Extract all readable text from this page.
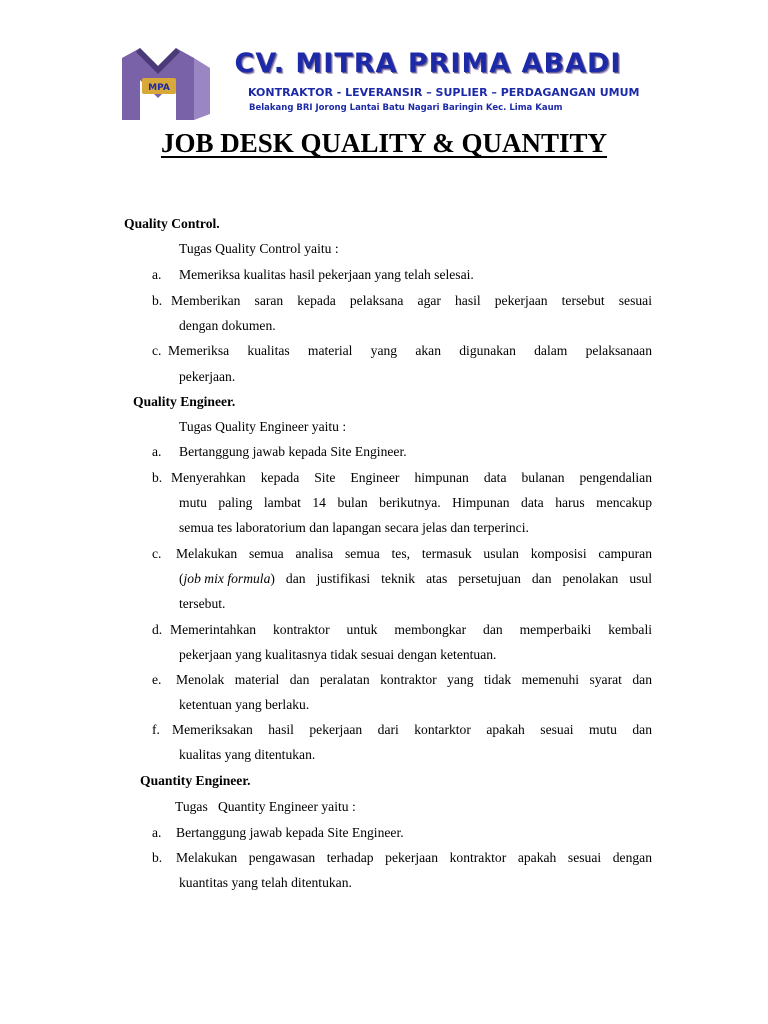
MPA
CV. MITRA PRIMA ABADI
KONTRAKTOR - LEVERANSIR – SUPLIER – PERDAGANGAN UMUM
Belakang BRI Jorong Lantai Batu Nagari Baringin Kec. Lima Kaum
JOB DESK QUALITY & QUANTITY
Quality Control.
Tugas Quality Control yaitu :
a. Memeriksa kualitas hasil pekerjaan yang telah selesai.
b. Memberikan saran kepada pelaksana agar hasil pekerjaan tersebut sesuai
dengan dokumen.
c. Memeriksa kualitas material yang akan digunakan dalam pelaksanaan
pekerjaan.
Quality Engineer.
Tugas Quality Engineer yaitu :
a. Bertanggung jawab kepada Site Engineer.
b. Menyerahkan kepada Site Engineer himpunan data bulanan pengendalian
mutu paling lambat 14 bulan berikutnya. Himpunan data harus mencakup
semua tes laboratorium dan lapangan secara jelas dan terperinci.
c. Melakukan semua analisa semua tes, termasuk usulan komposisi campuran
( job mix formula ) dan justifikasi teknik atas persetujuan dan penolakan usul
tersebut.
d. Memerintahkan kontraktor untuk membongkar dan memperbaiki kembali
pekerjaan yang kualitasnya tidak sesuai dengan ketentuan.
e. Menolak material dan peralatan kontraktor yang tidak memenuhi syarat dan
ketentuan yang berlaku.
f. Memeriksakan hasil pekerjaan dari kontarktor apakah sesuai mutu dan
kualitas yang ditentukan.
Quantity Engineer.
Tugas   Quantity Engineer yaitu :
a. Bertanggung jawab kepada Site Engineer.
b. Melakukan pengawasan terhadap pekerjaan kontraktor apakah sesuai dengan
kuantitas yang telah ditentukan.
